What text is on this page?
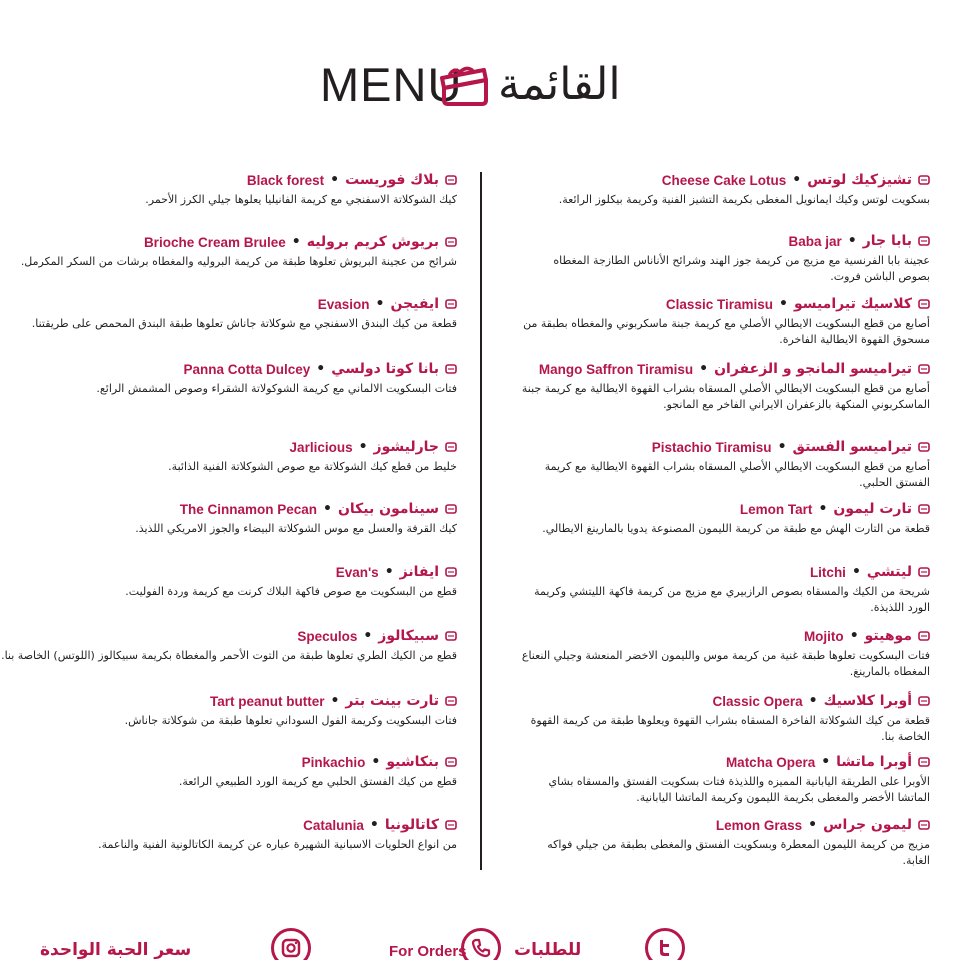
MENU القائمة
تشيزكيك لوتس
•
Cheese Cake Lotus
بسكويت لوتس وكيك ايمانويل المغطى بكريمة التشيز الفنية وكريمة بيكلوز الرائعة.
بابا جار
•
Baba jar
عجينة بابا الفرنسية مع مزيج من كريمة جوز الهند وشرائح الأناناس الطازجة المغطاه بصوص الباشن فروت.
كلاسيك تيراميسو
•
Classic Tiramisu
أصابع من قطع البسكويت الايطالي الأصلي مع كريمة جبنة ماسكربوني والمغطاه بطبقة من مسحوق القهوة الايطالية الفاخرة.
تيراميسو المانجو و الزعفران
•
Mango Saffron Tiramisu
أصابع من قطع البسكويت الايطالي الأصلي المسقاه بشراب القهوة الايطالية مع كريمة جبنة الماسكربوني المنكهة بالزعفران الايراني الفاخر مع المانجو.
تيراميسو الفستق
•
Pistachio Tiramisu
أصابع من قطع البسكويت الايطالي الأصلي المسقاه بشراب القهوة الايطالية مع كريمة الفستق الحلبي.
تارت ليمون
•
Lemon Tart
قطعة من التارت الهش مع طبقة من كريمة الليمون المصنوعة يدويا بالمارينغ الايطالي.
ليتشي
•
Litchi
شريحة من الكيك والمسقاه بصوص الرازبيري مع مزيج من كريمة فاكهة الليتشي وكريمة الورد اللذيذة.
موهيتو
•
Mojito
فتات البسكويت تعلوها طبقة غنية من كريمة موس والليمون الاخضر المنعشة وجيلي النعناع المغطاه بالمارينغ.
أوبرا كلاسيك
•
Classic Opera
قطعة من كيك الشوكلاتة الفاخرة المسقاه بشراب القهوة ويعلوها طبقة من كريمة القهوة الخاصة بنا.
أوبرا ماتشا
•
Matcha Opera
الأوبرا على الطريقة اليابانية المميزه واللذيذة فتات بسكويت الفستق والمسقاه بشاي الماتشا الأخضر والمغطى بكريمة الليمون وكريمة الماتشا اليابانية.
ليمون جراس
•
Lemon Grass
مزيج من كريمة الليمون المعطرة وبسكويت الفستق والمغطى بطبقة من جيلي فواكه الغابة.
بلاك فوريست
•
Black forest
كيك الشوكلاتة الاسفنجي مع كريمة الفانيليا يعلوها جيلي الكرز الأحمر.
بريوش كريم بروليه
•
Brioche Cream Brulee
شرائح من عجينة البريوش تعلوها طبقة من كريمة البروليه والمغطاه برشات من السكر المكرمل.
ايفيجن
•
Evasion
قطعة من كيك البندق الاسفنجي مع شوكلاتة جاناش تعلوها طبقة البندق المحمص على طريقتنا.
بانا كوتا دولسي
•
Panna Cotta Dulcey
فتات البسكويت الالماني مع كريمة الشوكولاتة الشقراء وصوص المشمش الرائع.
جارليشوز
•
Jarlicious
خليط من قطع كيك الشوكلاتة مع صوص الشوكلاتة الفنية الذائبة.
سينامون بيكان
•
The Cinnamon Pecan
كيك القرفة والعسل مع موس الشوكلاتة البيضاء والجوز الامريكي اللذيذ.
ايفانز
•
Evan's
قطع من البسكويت مع صوص فاكهة البلاك كرنت مع كريمة وردة الفوليت.
سبيكالوز
•
Speculos
قطع من الكيك الطري تعلوها طبقة من التوت الأحمر والمغطاة بكريمة سبيكالوز (اللوتس) الخاصة بنا.
تارت بينت بتر
•
Tart peanut butter
فتات البسكويت وكريمة الفول السوداني تعلوها طبقة من شوكلاتة جاناش.
بنكاشيو
•
Pinkachio
قطع من كيك الفستق الحلبي مع كريمة الورد الطبيعي الرائعة.
كاتالونيا
•
Catalunia
من انواع الحلويات الاسبانية الشهيرة عباره عن كريمة الكاتالونية الفنية والناعمة.
سعر الحبة الواحدة	For Orders	للطلبات
